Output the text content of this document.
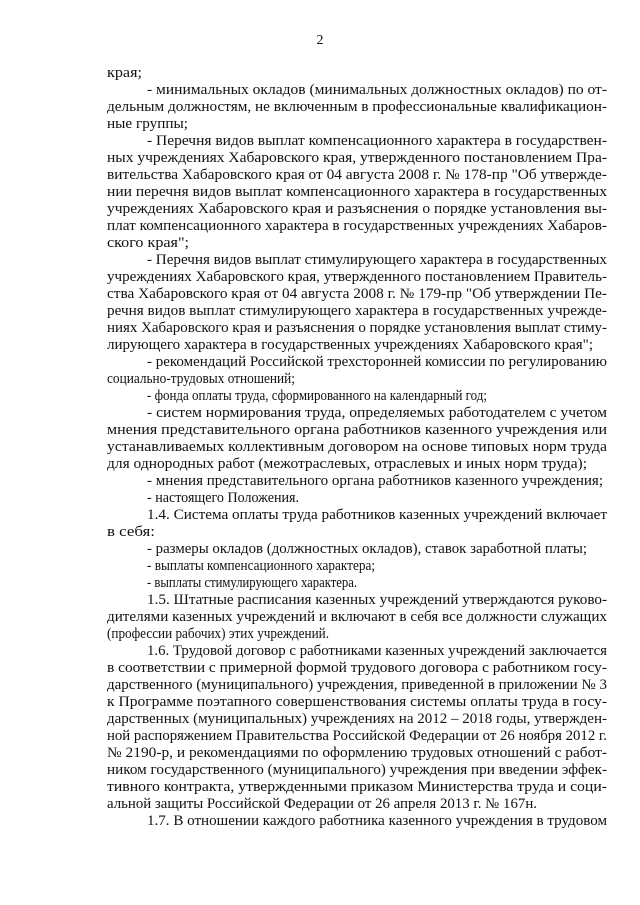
2
края;
- минимальных окладов (минимальных должностных окладов) по от-
дельным должностям, не включенным в профессиональные квалификацион-
ные группы;
- Перечня видов выплат компенсационного характера в государствен-
ных учреждениях Хабаровского края, утвержденного постановлением Пра-
вительства Хабаровского края от 04 августа 2008 г. № 178-пр "Об утверждe-
нии перечня видов выплат компенсационного характера в государственных
учреждениях Хабаровского края и разъяснения о порядке установления вы-
плат компенсационного характера в государственных учреждениях Хабаров-
ского края";
- Перечня видов выплат стимулирующего характера в государственных
учреждениях Хабаровского края, утвержденного постановлением Правитель-
ства Хабаровского края от 04 августа 2008 г. № 179-пр "Об утверждении Пе-
речня видов выплат стимулирующего характера в государственных учрежде-
ниях Хабаровского края и разъяснения о порядке установления выплат стиму-
лирующего характера в государственных учреждениях Хабаровского края";
- рекомендаций Российской трехсторонней комиссии по регулированию
социально-трудовых отношений;
- фонда оплаты труда, сформированного на календарный год;
- систем нормирования труда, определяемых работодателем с учетом
мнения представительного органа работников казенного учреждения или
устанавливаемых коллективным договором на основе типовых норм труда
для однородных работ (межотраслевых, отраслевых и иных норм труда);
- мнения представительного органа работников казенного учреждения;
- настоящего Положения.
1.4. Система оплаты труда работников казенных учреждений включает
в себя:
- размеры окладов (должностных окладов), ставок заработной платы;
- выплаты компенсационного характера;
- выплаты стимулирующего характера.
1.5. Штатные расписания казенных учреждений утверждаются руково-
дителями казенных учреждений и включают в себя все должности служащих
(профессии рабочих) этих учреждений.
1.6. Трудовой договор с работниками казенных учреждений заключается
в соответствии с примерной формой трудового договора с работником госу-
дарственного (муниципального) учреждения, приведенной в приложении № 3
к Программе поэтапного совершенствования системы оплаты труда в госу-
дарственных (муниципальных) учреждениях на 2012 – 2018 годы, утвержден-
ной распоряжением Правительства Российской Федерации от 26 ноября 2012 г.
№ 2190-р, и рекомендациями по оформлению трудовых отношений с работ-
ником государственного (муниципального) учреждения при введении эффек-
тивного контракта, утвержденными приказом Министерства труда и соци-
альной защиты Российской Федерации от 26 апреля 2013 г. № 167н.
1.7. В отношении каждого работника казенного учреждения в трудовом
